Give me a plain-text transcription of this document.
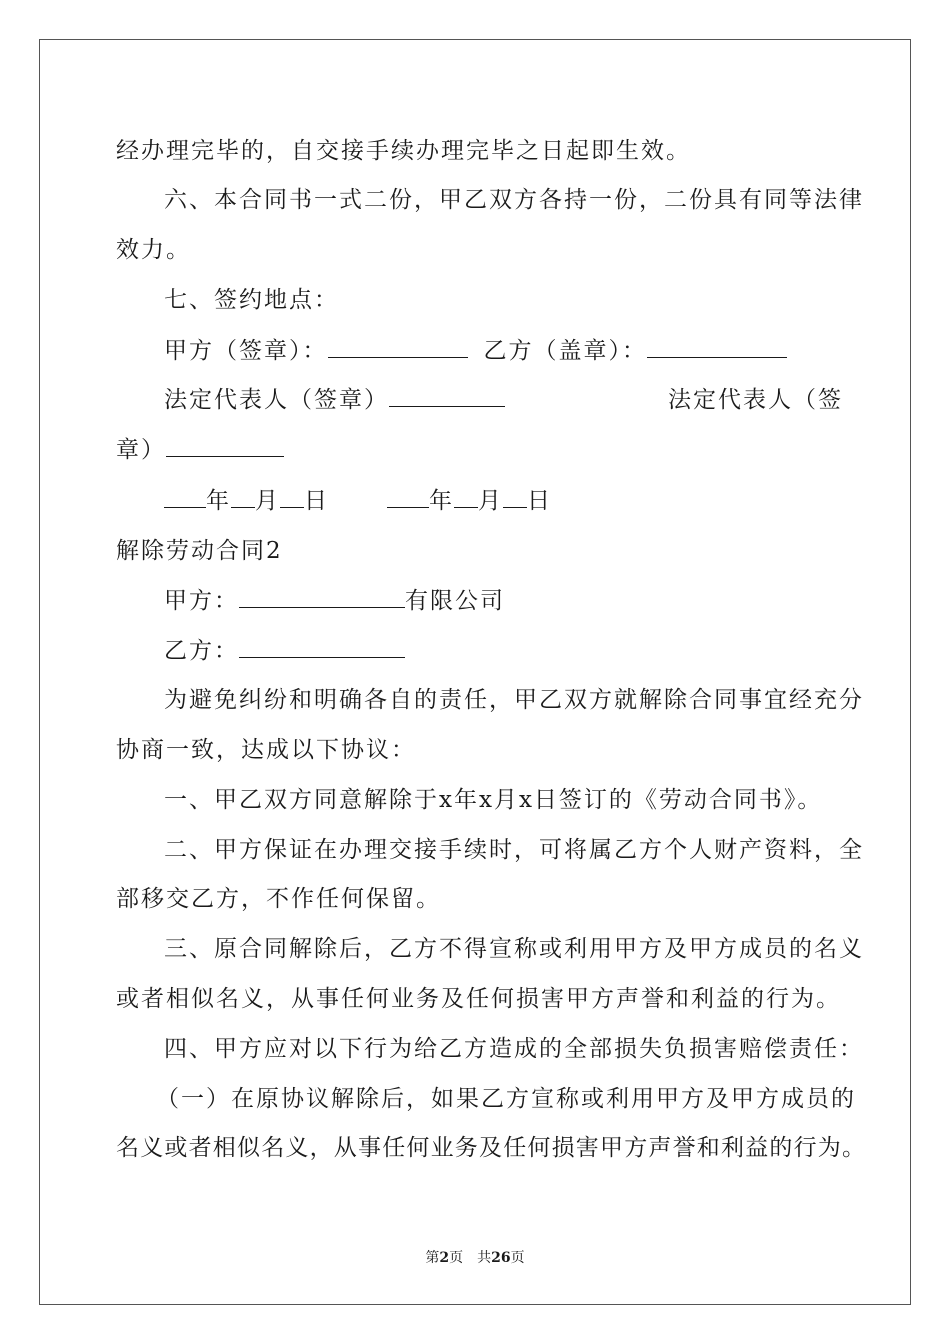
经办理完毕的，自交接手续办理完毕之日起即生效。
六、本合同书一式二份，甲乙双方各持一份，二份具有同等法律
效力。
七、签约地点：
甲方（签章）：	乙方（盖章）：
法定代表人（签章）	法定代表人（签
章）
年 月 日	年 月 日
解除劳动合同2
甲方：	有限公司
乙方：
为避免纠纷和明确各自的责任，甲乙双方就解除合同事宜经充分
协商一致，达成以下协议：
一、甲乙双方同意解除于x年x月x日签订的《劳动合同书》。
二、甲方保证在办理交接手续时，可将属乙方个人财产资料，全
部移交乙方，不作任何保留。
三、原合同解除后，乙方不得宣称或利用甲方及甲方成员的名义
或者相似名义，从事任何业务及任何损害甲方声誉和利益的行为。
四、甲方应对以下行为给乙方造成的全部损失负损害赔偿责任：
（一）在原协议解除后，如果乙方宣称或利用甲方及甲方成员的
名义或者相似名义，从事任何业务及任何损害甲方声誉和利益的行为。
第2页　共26页
